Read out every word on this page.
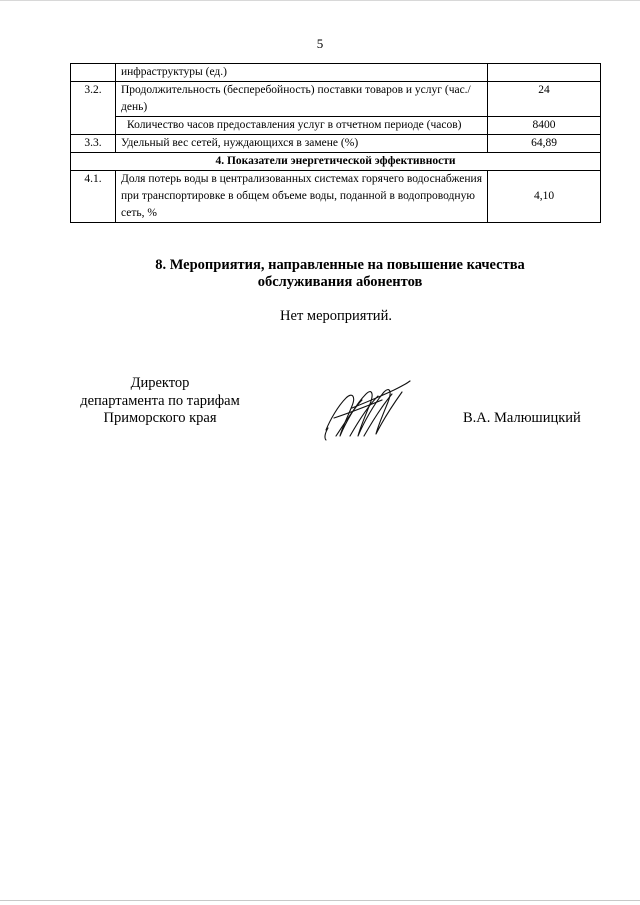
5
	инфраструктуры (ед.)	
3.2.	Продолжительность (бесперебойность) поставки товаров и услуг (час./день)	24
	Количество часов предоставления услуг в отчетном периоде (часов)	8400
3.3.	Удельный вес сетей, нуждающихся в замене (%)	64,89
4. Показатели энергетической эффективности		
4.1.	Доля потерь воды в централизованных системах горячего водоснабжения при транспортировке в общем объеме воды, поданной в водопроводную сеть, %	4,10
8. Мероприятия, направленные на повышение качества
обслуживания абонентов
Нет мероприятий.
Директор
департамента по тарифам
Приморского края	В.А. Малюшицкий
